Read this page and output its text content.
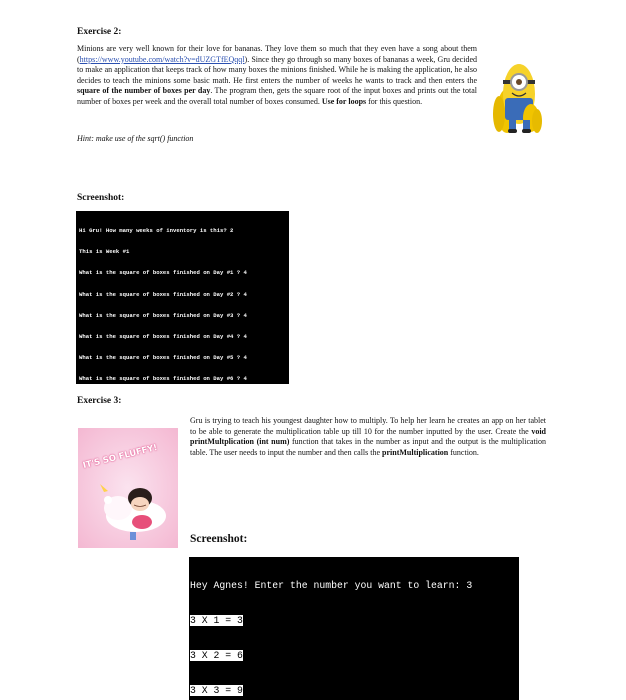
Exercise 2:
Minions are very well known for their love for bananas. They love them so much that they even have a song about them (https://www.youtube.com/watch?v=dUZGTfEQqql). Since they go through so many boxes of bananas a week, Gru decided to make an application that keeps track of how many boxes the minions finished. While he is making the application, he also decides to teach the minions some basic math. He first enters the number of weeks he wants to track and then enters the square of the number of boxes per day. The program then, gets the square root of the input boxes and prints out the total number of boxes per week and the overall total number of boxes consumed. Use for loops for this question.
Hint: make use of the sqrt() function
Screenshot:

Hi Gru! How many weeks of inventory is this? 2

This is Week #1

What is the square of boxes finished on Day #1 ? 4

What is the square of boxes finished on Day #2 ? 4

What is the square of boxes finished on Day #3 ? 4

What is the square of boxes finished on Day #4 ? 4

What is the square of boxes finished on Day #5 ? 4

What is the square of boxes finished on Day #6 ? 4

Exercise 3:
Gru is trying to teach his youngest daughter how to multiply. To help her learn he creates an app on her tablet to be able to generate the multiplication table up till 10 for the number inputted by the user. Create the void printMultplication (int num) function that takes in the number as input and the output is the multiplication table. The user needs to input the number and then calls the printMultiplication function.
IT'S SO FLUFFY!
Screenshot:

Hey Agnes! Enter the number you want to learn: 3

3 X 1 = 3

3 X 2 = 6

3 X 3 = 9
